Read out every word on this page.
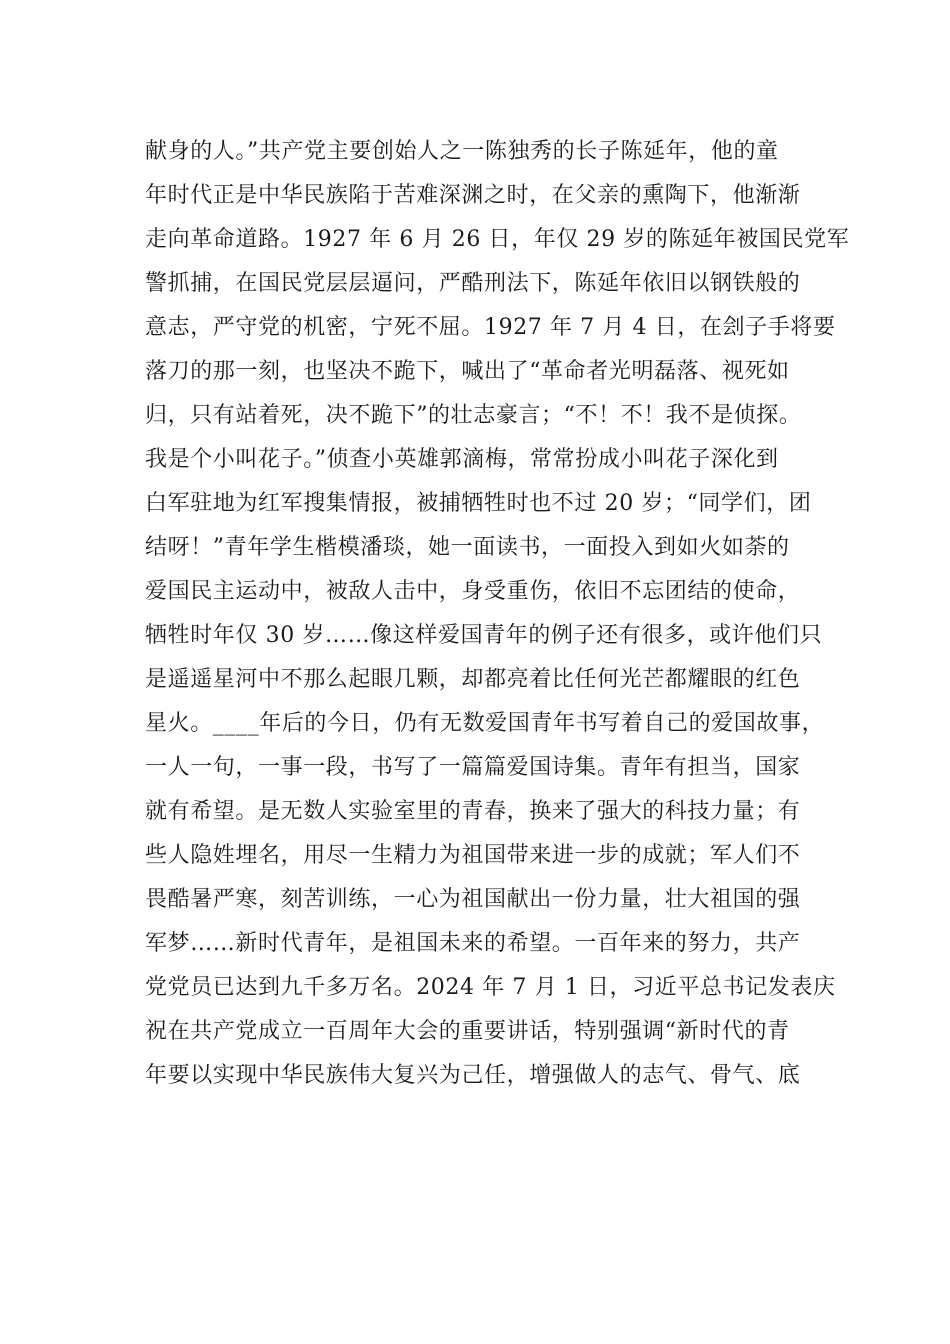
献身的人。”共产党主要创始人之一陈独秀的长子陈延年，他的童
年时代正是中华民族陷于苦难深渊之时，在父亲的熏陶下，他渐渐
走向革命道路。1927 年 6 月 26 日，年仅 29 岁的陈延年被国民党军
警抓捕，在国民党层层逼问，严酷刑法下，陈延年依旧以钢铁般的
意志，严守党的机密，宁死不屈。1927 年 7 月 4 日，在刽子手将要
落刀的那一刻，也坚决不跪下，喊出了“革命者光明磊落、视死如
归，只有站着死，决不跪下”的壮志豪言；“不！不！我不是侦探。
我是个小叫花子。”侦查小英雄郭滴梅，常常扮成小叫花子深化到
白军驻地为红军搜集情报，被捕牺牲时也不过 20 岁；“同学们，团
结呀！”青年学生楷模潘琰，她一面读书，一面投入到如火如荼的
爱国民主运动中，被敌人击中，身受重伤，依旧不忘团结的使命，
牺牲时年仅 30 岁……像这样爱国青年的例子还有很多，或许他们只
是遥遥星河中不那么起眼几颗，却都亮着比任何光芒都耀眼的红色
星火。____年后的今日，仍有无数爱国青年书写着自己的爱国故事，
一人一句，一事一段，书写了一篇篇爱国诗集。青年有担当，国家
就有希望。是无数人实验室里的青春，换来了强大的科技力量；有
些人隐姓埋名，用尽一生精力为祖国带来进一步的成就；军人们不
畏酷暑严寒，刻苦训练，一心为祖国献出一份力量，壮大祖国的强
军梦……新时代青年，是祖国未来的希望。一百年来的努力，共产
党党员已达到九千多万名。2024 年 7 月 1 日，习近平总书记发表庆
祝在共产党成立一百周年大会的重要讲话，特别强调“新时代的青
年要以实现中华民族伟大复兴为己任，增强做人的志气、骨气、底
